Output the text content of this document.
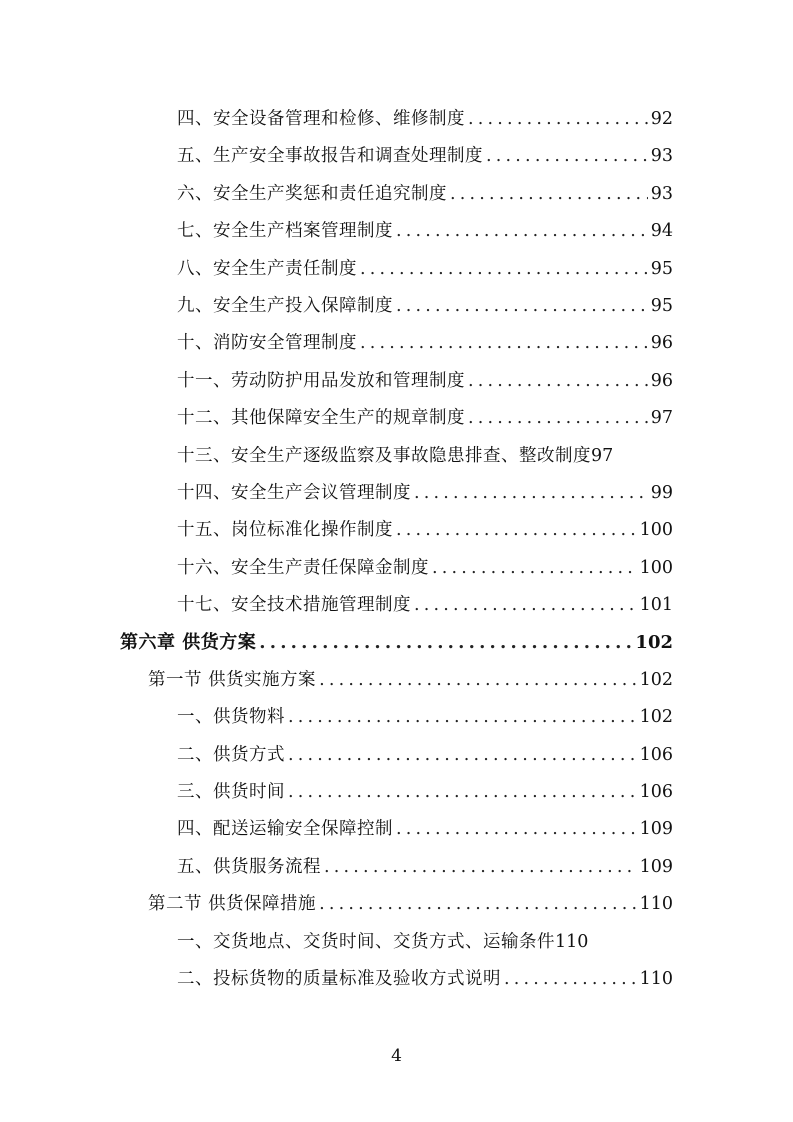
四、安全设备管理和检修、维修制度 .....	92
五、生产安全事故报告和调查处理制度 .....	93
六、安全生产奖惩和责任追究制度 .....	93
七、安全生产档案管理制度 .....	94
八、安全生产责任制度 .....	95
九、安全生产投入保障制度 .....	95
十、消防安全管理制度 .....	96
十一、劳动防护用品发放和管理制度 .....	96
十二、其他保障安全生产的规章制度 .....	97
十三、安全生产逐级监察及事故隐患排查、整改制度 97
十四、安全生产会议管理制度 .....	99
十五、岗位标准化操作制度 .....	100
十六、安全生产责任保障金制度 .....	100
十七、安全技术措施管理制度 .....	101
第六章 供货方案 .....	102
第一节 供货实施方案 .....	102
一、供货物料 .....	102
二、供货方式 .....	106
三、供货时间 .....	106
四、配送运输安全保障控制 .....	109
五、供货服务流程 .....	109
第二节 供货保障措施 .....	110
一、交货地点、交货时间、交货方式、运输条件 110
二、投标货物的质量标准及验收方式说明 .....	110
4
